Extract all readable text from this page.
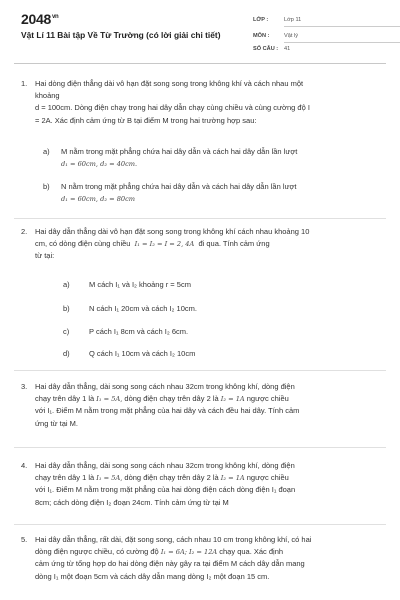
$2048^{vn}$
Vật Lí 11 Bài tập Về Từ Trường (có lời giải chi tiết)
LỚP :	Lớp 11
MÔN :	Vật lý
SỐ CÂU : 41
1. Hai dòng điện thẳng dài vô hạn đặt song song trong không khí và cách nhau một
khoảng
d = 100cm. Dòng điện chạy trong hai dây dẫn chạy cùng chiều và cùng cường độ I
= 2A. Xác định cảm ứng từ B tại điểm M trong hai trường hợp sau:
a) M nằm trong mặt phẳng chứa hai dây dẫn và cách hai dây dẫn lần lượt
d₁ = 60cm, d₂ = 40cm.
b) N nằm trong mặt phẳng chứa hai dây dẫn và cách hai dây dẫn lần lượt
d₁ = 60cm, d₂ = 80cm
2. Hai dây dẫn thẳng dài vô hạn đặt song song trong không khí cách nhau khoảng 10
cm, có dòng điện cùng chiều I₁ = I₂ = I = 2, 4A đi qua. Tính cảm ứng
từ tại:
a)	M cách I₁ và I₂ khoảng r = 5cm
b)	N cách I₁ 20cm và cách I₂ 10cm.
c)	P cách I₁ 8cm và cách I₂ 6cm.
d)	Q cách I₁ 10cm và cách I₂ 10cm
3. Hai dây dẫn thẳng, dài song song cách nhau 32cm trong không khí, dòng điện
chạy trên dây 1 là I₁ = 5A, dòng điện chạy trên dây 2 là I₂ = 1A ngược chiều
với I₁. Điểm M nằm trong mặt phẳng của hai dây và cách đều hai dây. Tính cảm
ứng từ tại M.
4. Hai dây dẫn thẳng, dài song song cách nhau 32cm trong không khí, dòng điện
chạy trên dây 1 là I₁ = 5A, dòng điện chạy trên dây 2 là I₂ = 1A ngược chiều
với I₁. Điểm M nằm trong mặt phẳng của hai dòng điện cách dòng điện I₁ đoạn
8cm; cách dòng điện I₂ đoạn 24cm. Tính cảm ứng từ tại M
5. Hai dây dẫn thẳng, rất dài, đặt song song, cách nhau 10 cm trong không khí, có hai
dòng điện ngược chiều, có cường độ I₁ = 6A; I₂ = 12A chạy qua. Xác định
cảm ứng từ tổng hợp do hai dòng điện này gây ra tại điểm M cách dây dẫn mang
dòng I₁ một đoạn 5cm và cách dây dẫn mang dòng I₂ một đoạn 15 cm.
